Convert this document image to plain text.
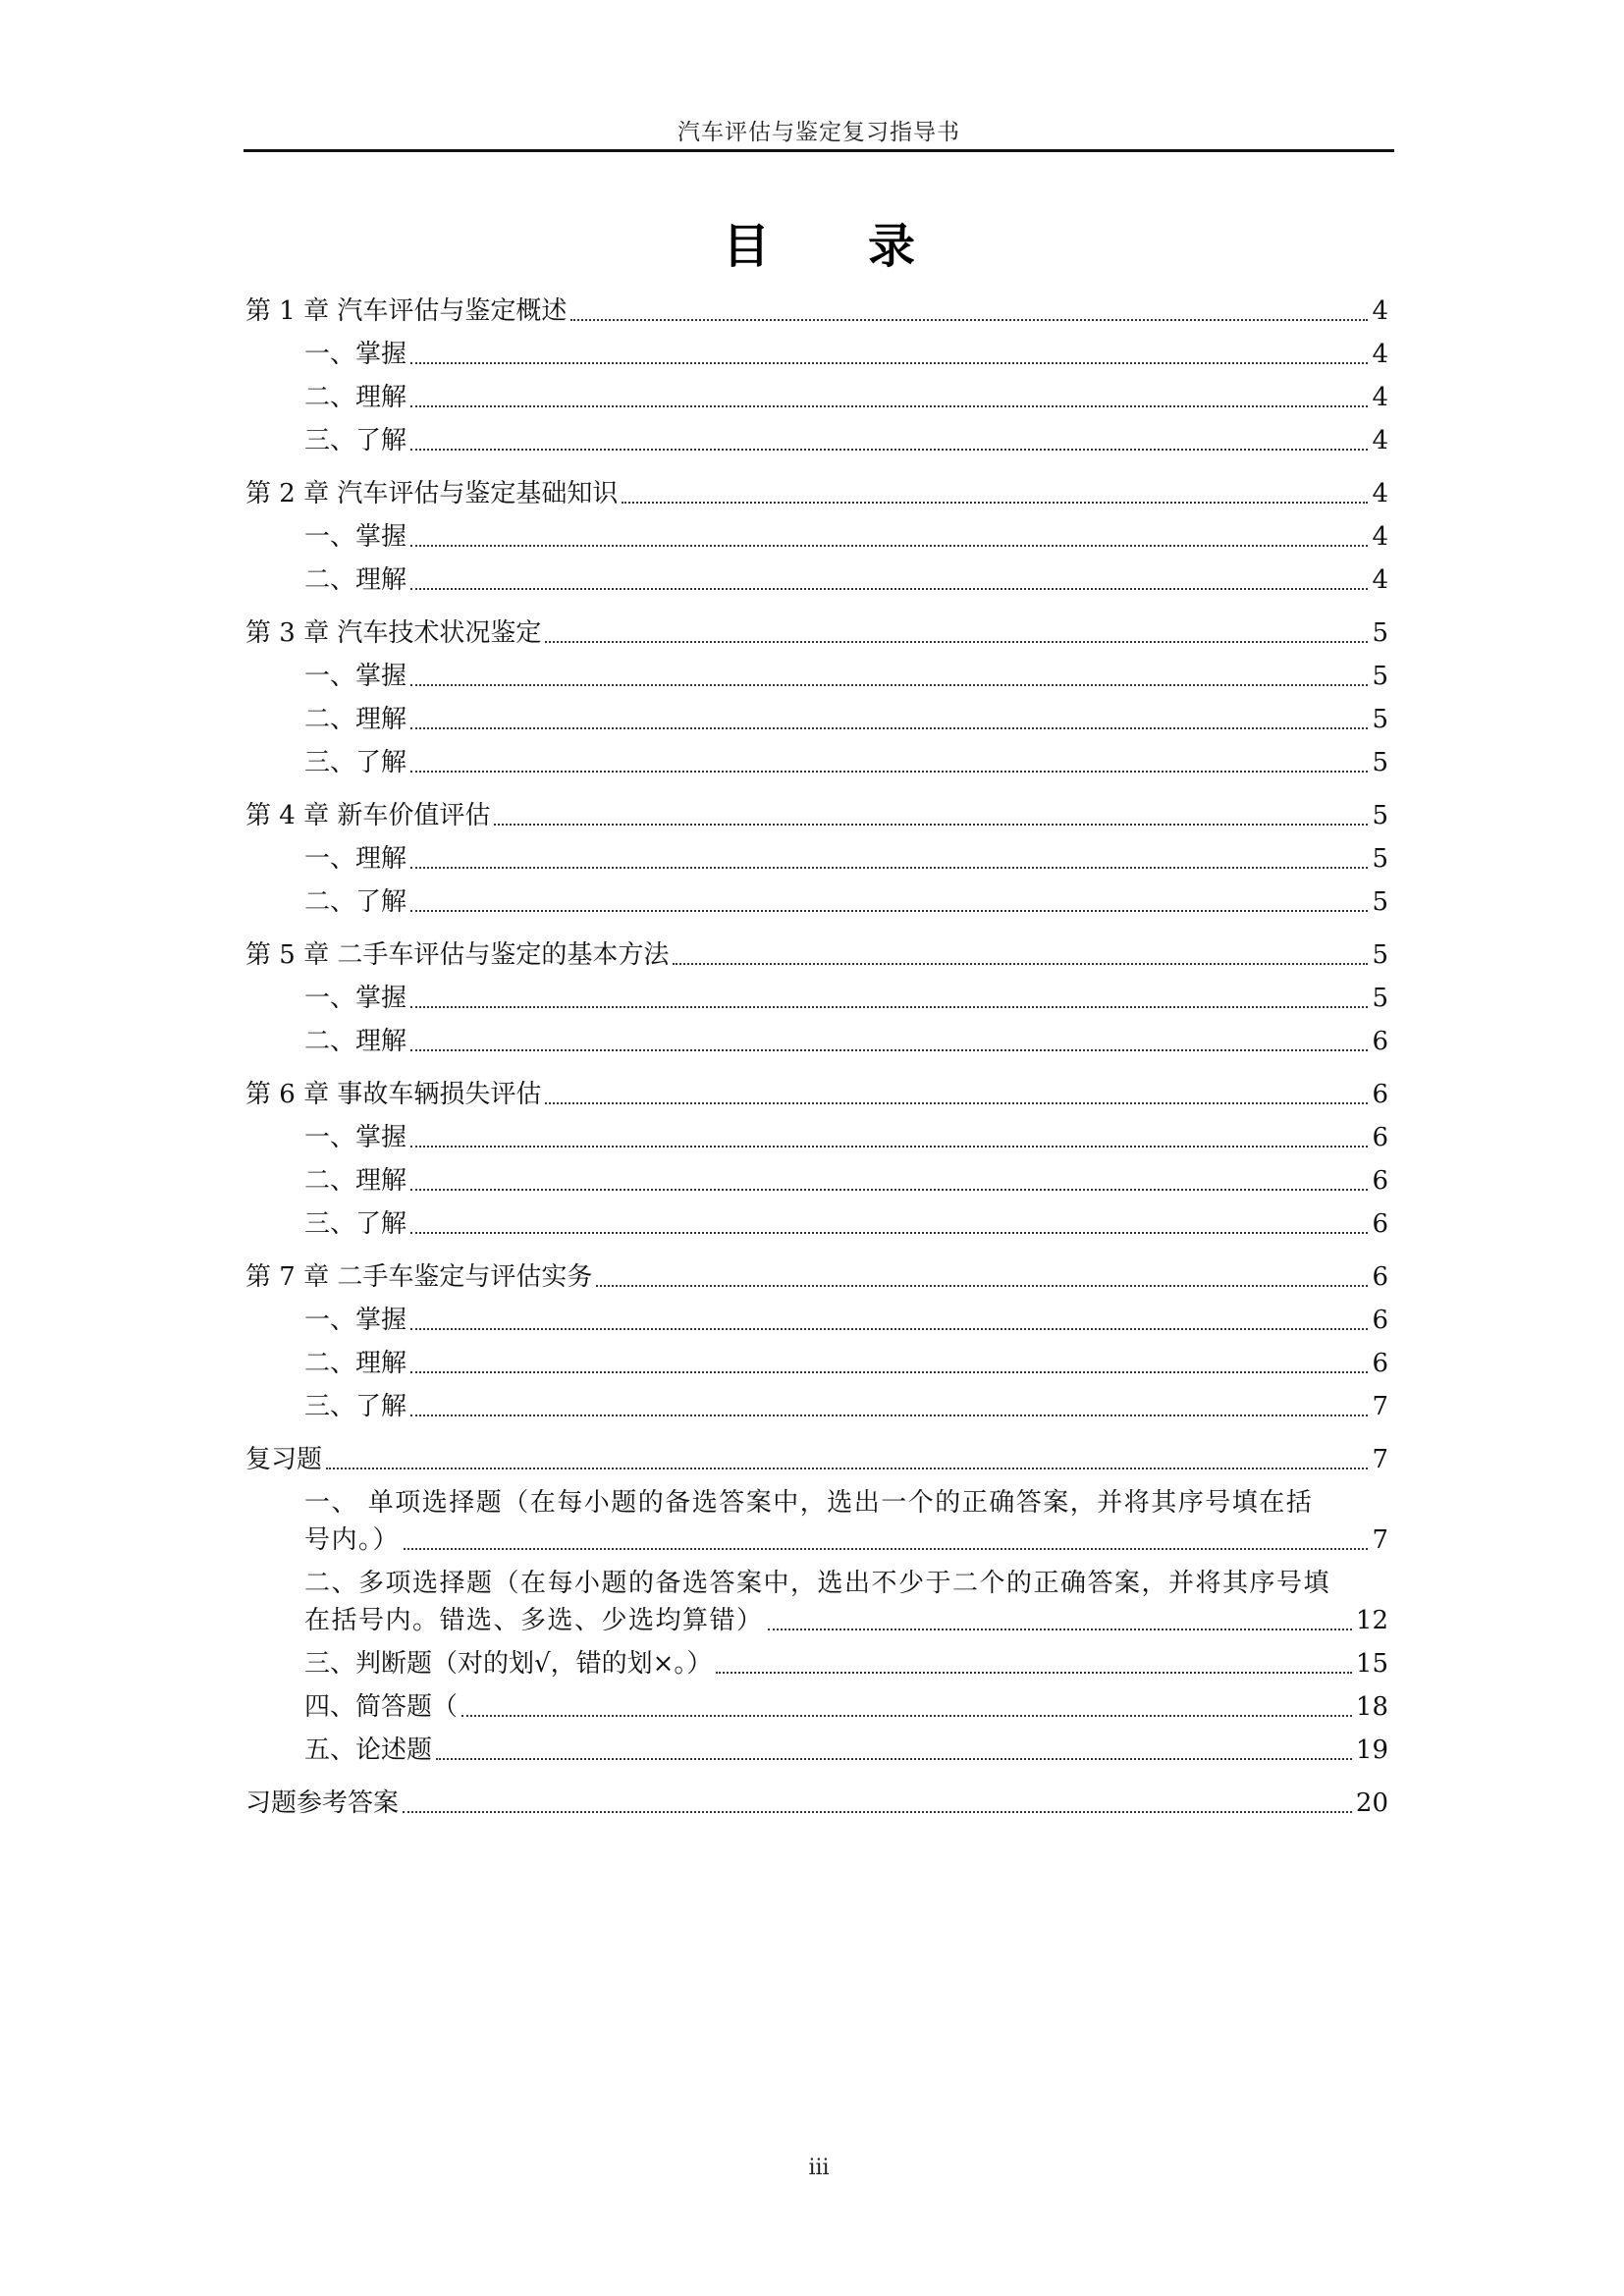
汽车评估与鉴定复习指导书
目 录
第 1 章 汽车评估与鉴定概述	4
一、掌握	4
二、理解	4
三、了解	4
第 2 章 汽车评估与鉴定基础知识	4
一、掌握	4
二、理解	4
第 3 章 汽车技术状况鉴定	5
一、掌握	5
二、理解	5
三、了解	5
第 4 章 新车价值评估	5
一、理解	5
二、了解	5
第 5 章 二手车评估与鉴定的基本方法	5
一、掌握	5
二、理解	6
第 6 章 事故车辆损失评估	6
一、掌握	6
二、理解	6
三、了解	6
第 7 章 二手车鉴定与评估实务	6
一、掌握	6
二、理解	6
三、了解	7
复习题	7
一、 单项选择题（在每小题的备选答案中，选出一个的正确答案，并将其序号填在括
号内。）	7
二、多项选择题（在每小题的备选答案中，选出不少于二个的正确答案，并将其序号填
在括号内。错选、多选、少选均算错）	12
三、判断题（对的划√，错的划×。）	15
四、简答题（	18
五、论述题	19
习题参考答案	20
iii
